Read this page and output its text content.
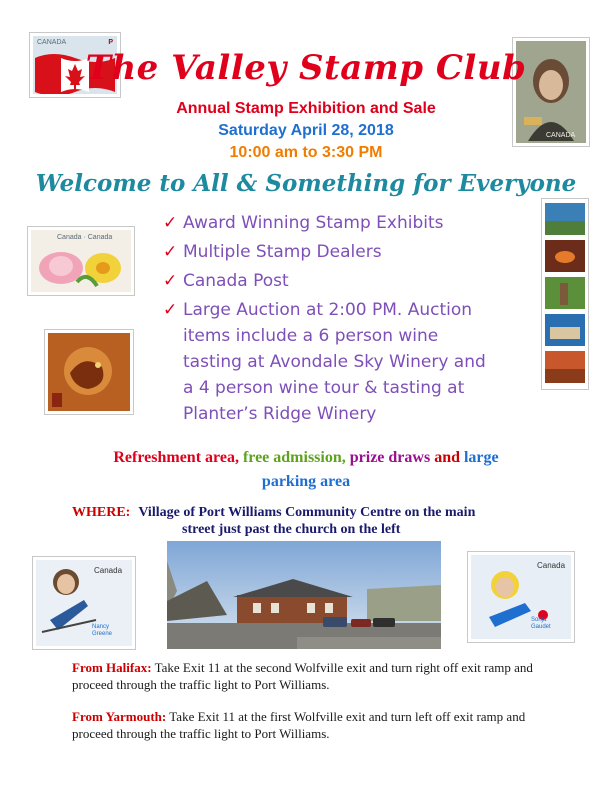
CANADA	P
CANADA
The Valley Stamp Club
Annual Stamp Exhibition and Sale
Saturday April 28, 2018
10:00 am to 3:30 PM
Welcome to All & Something for Everyone
Canada · Canada
✓ Award Winning Stamp Exhibits
✓ Multiple Stamp Dealers
✓ Canada Post
✓ Large Auction at 2:00 PM. Auction
items include a 6 person wine
tasting at Avondale Sky Winery and
a 4 person wine tour & tasting at
Planter’s Ridge Winery
Refreshment area, free admission, prize draws and large
parking area
WHERE: Village of Port Williams Community Centre on the main
street just past the church on the left
Canada
Nancy Greene
Canada
Sonja Gaudet
From Halifax: Take Exit 11 at the second Wolfville exit and turn right off exit ramp and proceed through the traffic light to Port Williams.
From Yarmouth: Take Exit 11 at the first Wolfville exit and turn left off exit ramp and proceed through the traffic light to Port Williams.
